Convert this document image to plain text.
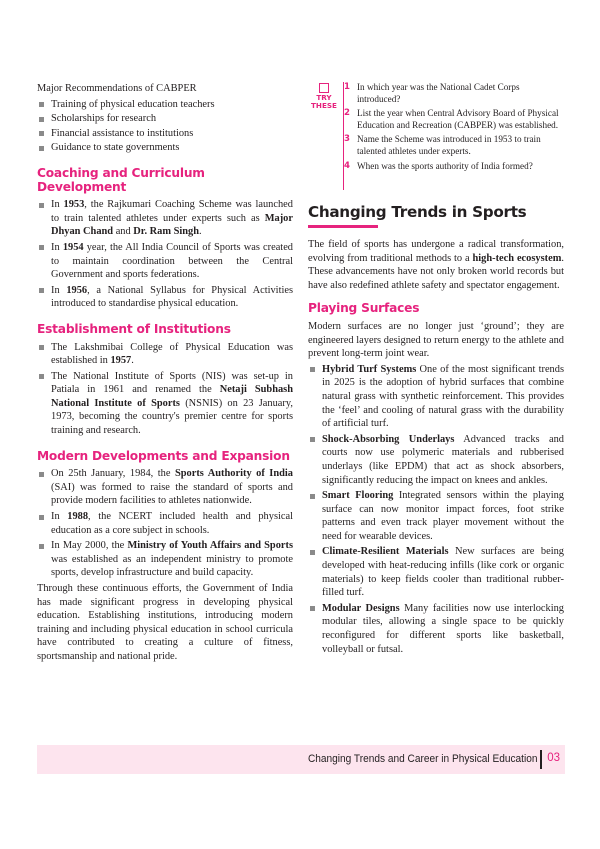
Major Recommendations of CABPER

Training of physical education teachers
Scholarships for research
Financial assistance to institutions
Guidance to state governments
Coaching and Curriculum Development
In 1953, the Rajkumari Coaching Scheme was launched to train talented athletes under experts such as Major Dhyan Chand and Dr. Ram Singh.
In 1954 year, the All India Council of Sports was created to maintain coordination between the Central Government and sports federations.
In 1956, a National Syllabus for Physical Activities introduced to standardise physical education.
Establishment of Institutions
The Lakshmibai College of Physical Education was established in 1957.
The National Institute of Sports (NIS) was set-up in Patiala in 1961 and renamed the Netaji Subhash National Institute of Sports (NSNIS) on 23 January, 1973, becoming the country's premier centre for sports training and research.
Modern Developments and Expansion
On 25th January, 1984, the Sports Authority of India (SAI) was formed to raise the standard of sports and provide modern facilities to athletes nationwide.
In 1988, the NCERT included health and physical education as a core subject in schools.
In May 2000, the Ministry of Youth Affairs and Sports was established as an independent ministry to promote sports, develop infrastructure and build capacity.

Through these continuous efforts, the Government of India has made significant progress in developing physical education. Establishing institutions, introducing modern training and including physical education in school curricula have contributed to creating a culture of fitness, sportsmanship and national pride.

TRY
THESE
1 In which year was the National Cadet Corps introduced?
2 List the year when Central Advisory Board of Physical Education and Recreation (CABPER) was established.
3 Name the Scheme was introduced in 1953 to train talented athletes under experts.
4 When was the sports authority of India formed?
Changing Trends in Sports

The field of sports has undergone a radical transformation, evolving from traditional methods to a high-tech ecosystem. These advancements have not only broken world records but have also redefined athlete safety and spectator engagement.

Playing Surfaces

Modern surfaces are no longer just ‘ground’; they are engineered layers designed to return energy to the athlete and prevent long-term joint wear.

Hybrid Turf Systems One of the most significant trends in 2025 is the adoption of hybrid surfaces that combine natural grass with synthetic reinforcement. This provides the ‘feel’ and cooling of natural grass with the durability of artificial turf.
Shock-Absorbing Underlays Advanced tracks and courts now use polymeric materials and rubberised underlays (like EPDM) that act as shock absorbers, significantly reducing the impact on knees and ankles.
Smart Flooring Integrated sensors within the playing surface can now monitor impact forces, foot strike patterns and even track player movement without the need for wearable devices.
Climate-Resilient Materials New surfaces are being developed with heat-reducing infills (like cork or organic materials) to keep fields cooler than traditional rubber-filled turf.
Modular Designs Many facilities now use interlocking modular tiles, allowing a single space to be quickly reconfigured for different sports like basketball, volleyball or futsal.
Changing Trends and Career in Physical Education 03
